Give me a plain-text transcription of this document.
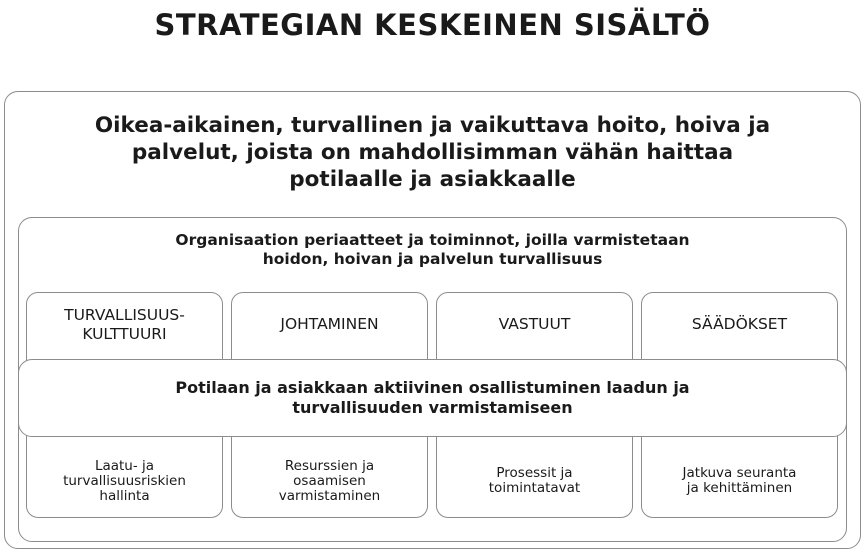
STRATEGIAN KESKEINEN SISÄLTÖ
Oikea-aikainen, turvallinen ja vaikuttava hoito, hoiva ja
palvelut, joista on mahdollisimman vähän haittaa
potilaalle ja asiakkaalle
Organisaation periaatteet ja toiminnot, joilla varmistetaan
hoidon, hoivan ja palvelun turvallisuus
TURVALLISUUS-
KULTTUURI
JOHTAMINEN	VASTUUT	SÄÄDÖKSET
Potilaan ja asiakkaan aktiivinen osallistuminen laadun ja
turvallisuuden varmistamiseen
Laatu- ja
turvallisuusriskien
hallinta
Resurssien ja
osaamisen
varmistaminen
Prosessit ja
toimintatavat
Jatkuva seuranta
ja kehittäminen
